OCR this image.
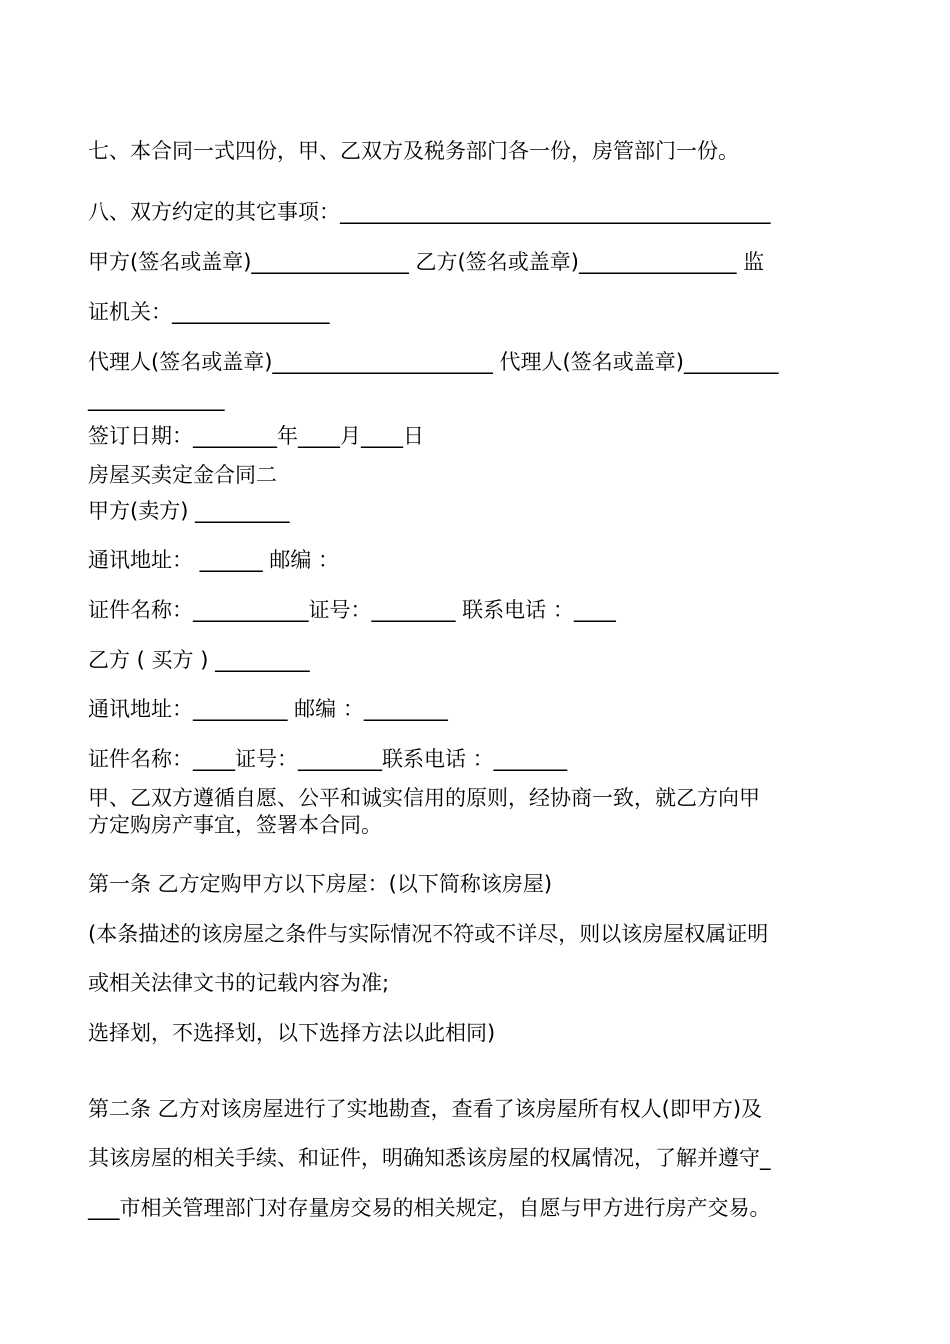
七、本合同一式四份，甲、乙双方及税务部门各一份，房管部门一份。
八、双方约定的其它事项：_________________________________________
甲方(签名或盖章)_______________ 乙方(签名或盖章)_______________ 监
证机关：_______________
代理人(签名或盖章)_____________________ 代理人(签名或盖章)_________
_____________
签订日期：________年____月____日
房屋买卖定金合同二
甲方(卖方) _________
通讯地址： ______ 邮编 ：
证件名称：___________证号：________ 联系电话 ：____
乙方 ( 买方 ) _________
通讯地址：_________ 邮编 ：________
证件名称：____证号：________联系电话 ：_______
甲、乙双方遵循自愿、公平和诚实信用的原则，经协商一致，就乙方向甲
方定购房产事宜，签署本合同。
第一条 乙方定购甲方以下房屋：(以下简称该房屋)
(本条描述的该房屋之条件与实际情况不符或不详尽，则以该房屋权属证明
或相关法律文书的记载内容为准;
选择划，不选择划，以下选择方法以此相同)
第二条 乙方对该房屋进行了实地勘查，查看了该房屋所有权人(即甲方)及
其该房屋的相关手续、和证件，明确知悉该房屋的权属情况，了解并遵守_
___市相关管理部门对存量房交易的相关规定，自愿与甲方进行房产交易。
